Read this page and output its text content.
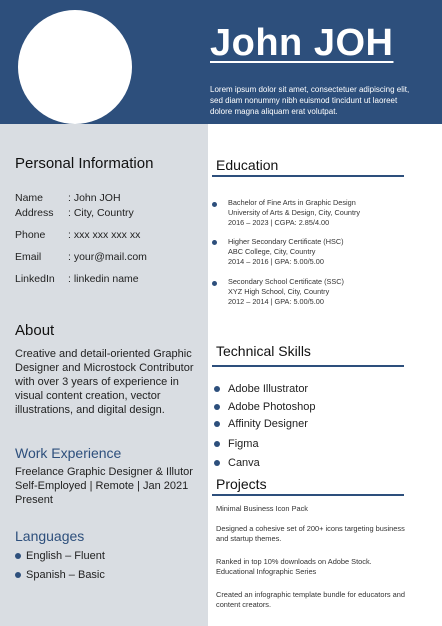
John JOH
Lorem ipsum dolor sit amet, consectetuer adipiscing elit, sed diam nonummy nibh euismod tincidunt ut laoreet dolore magna aliquam erat volutpat.
Personal Information
Name : John JOH
Address : City, Country
Phone : xxx xxx xxx xx
Email	: your@mail.com
LinkedIn : linkedin name
About
Creative and detail-oriented Graphic Designer and Microstock Contributor with over 3 years of experience in visual content creation, vector illustrations, and digital design.
Work Experience
Freelance Graphic Designer & Illutor
Self-Employed | Remote | Jan 2021
Present
Languages
English – Fluent
Spanish – Basic
Education
Bachelor of Fine Arts in Graphic Design
University of Arts & Design, City, Country
2016 – 2023 | CGPA: 2.85/4.00
Higher Secondary Certificate (HSC)
ABC College, City, Country
2014 – 2016 | GPA: 5.00/5.00
Secondary School Certificate (SSC)
XYZ High School, City, Country
2012 – 2014 | GPA: 5.00/5.00
Technical Skills
Adobe Illustrator
Adobe Photoshop
Affinity Designer
Figma
Canva
Projects
Minimal Business Icon Pack
Designed a cohesive set of 200+ icons targeting business and startup themes.
Ranked in top 10% downloads on Adobe Stock. Educational Infographic Series
Created an infographic template bundle for educators and content creators.
